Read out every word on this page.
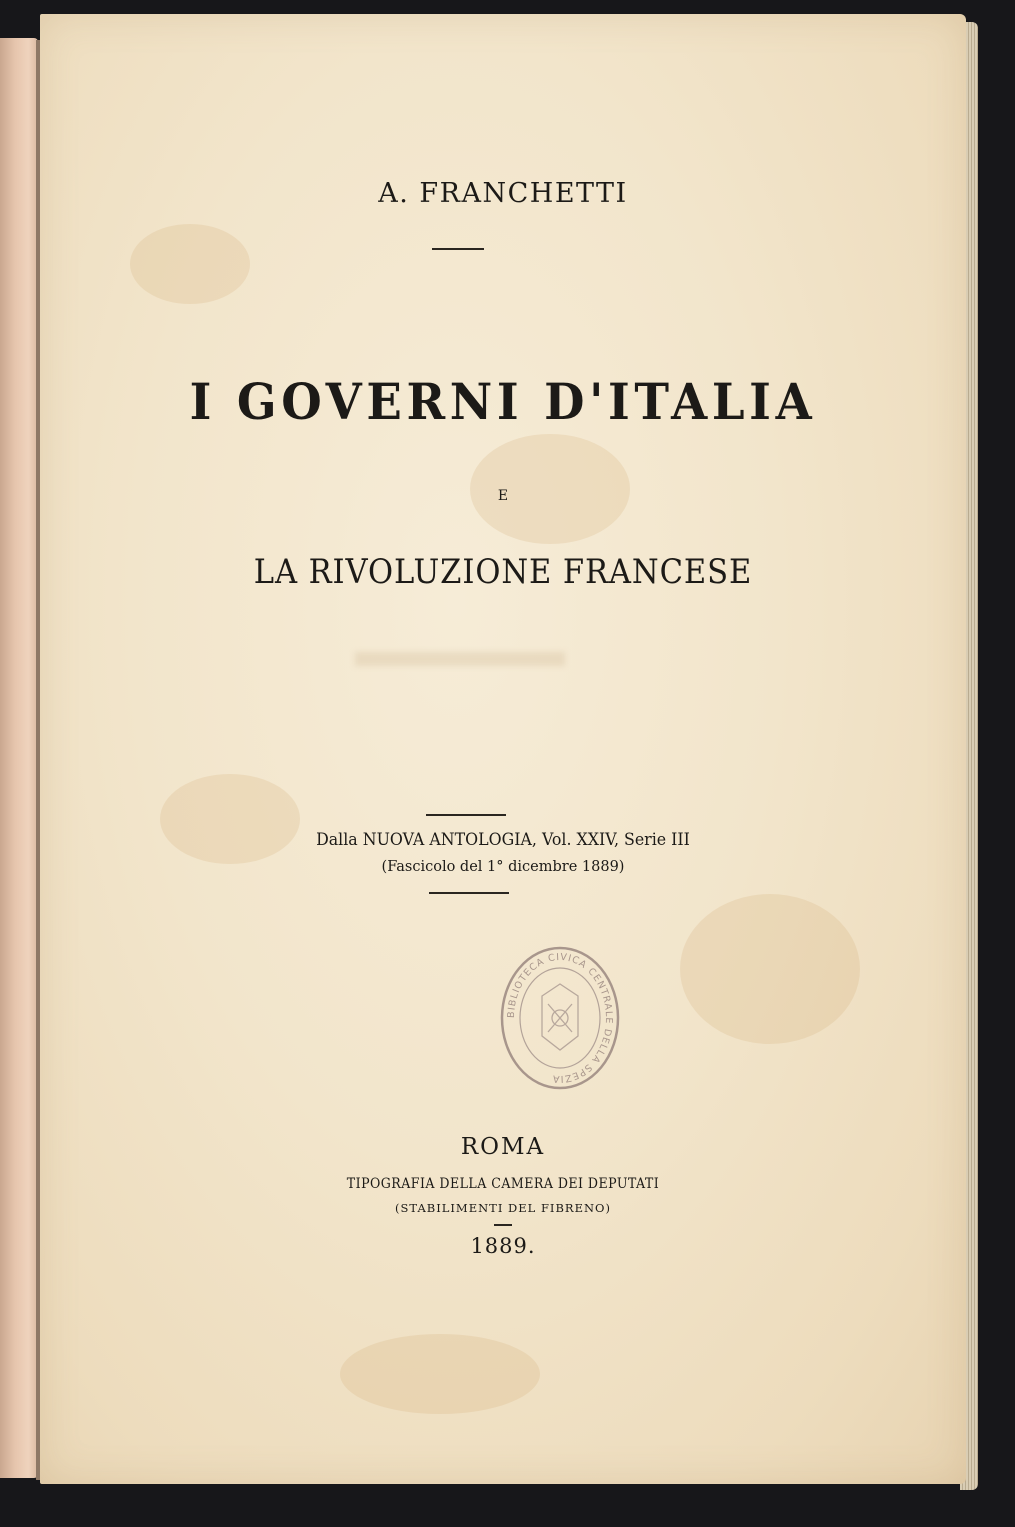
A. FRANCHETTI
I GOVERNI D'ITALIA
E
LA RIVOLUZIONE FRANCESE
Dalla NUOVA ANTOLOGIA, Vol. XXIV, Serie III
(Fascicolo del 1° dicembre 1889)
BIBLIOTECA CIVICA CENTRALE DELLA SPEZIA
ROMA
TIPOGRAFIA DELLA CAMERA DEI DEPUTATI
(STABILIMENTI DEL FIBRENO)
1889.
